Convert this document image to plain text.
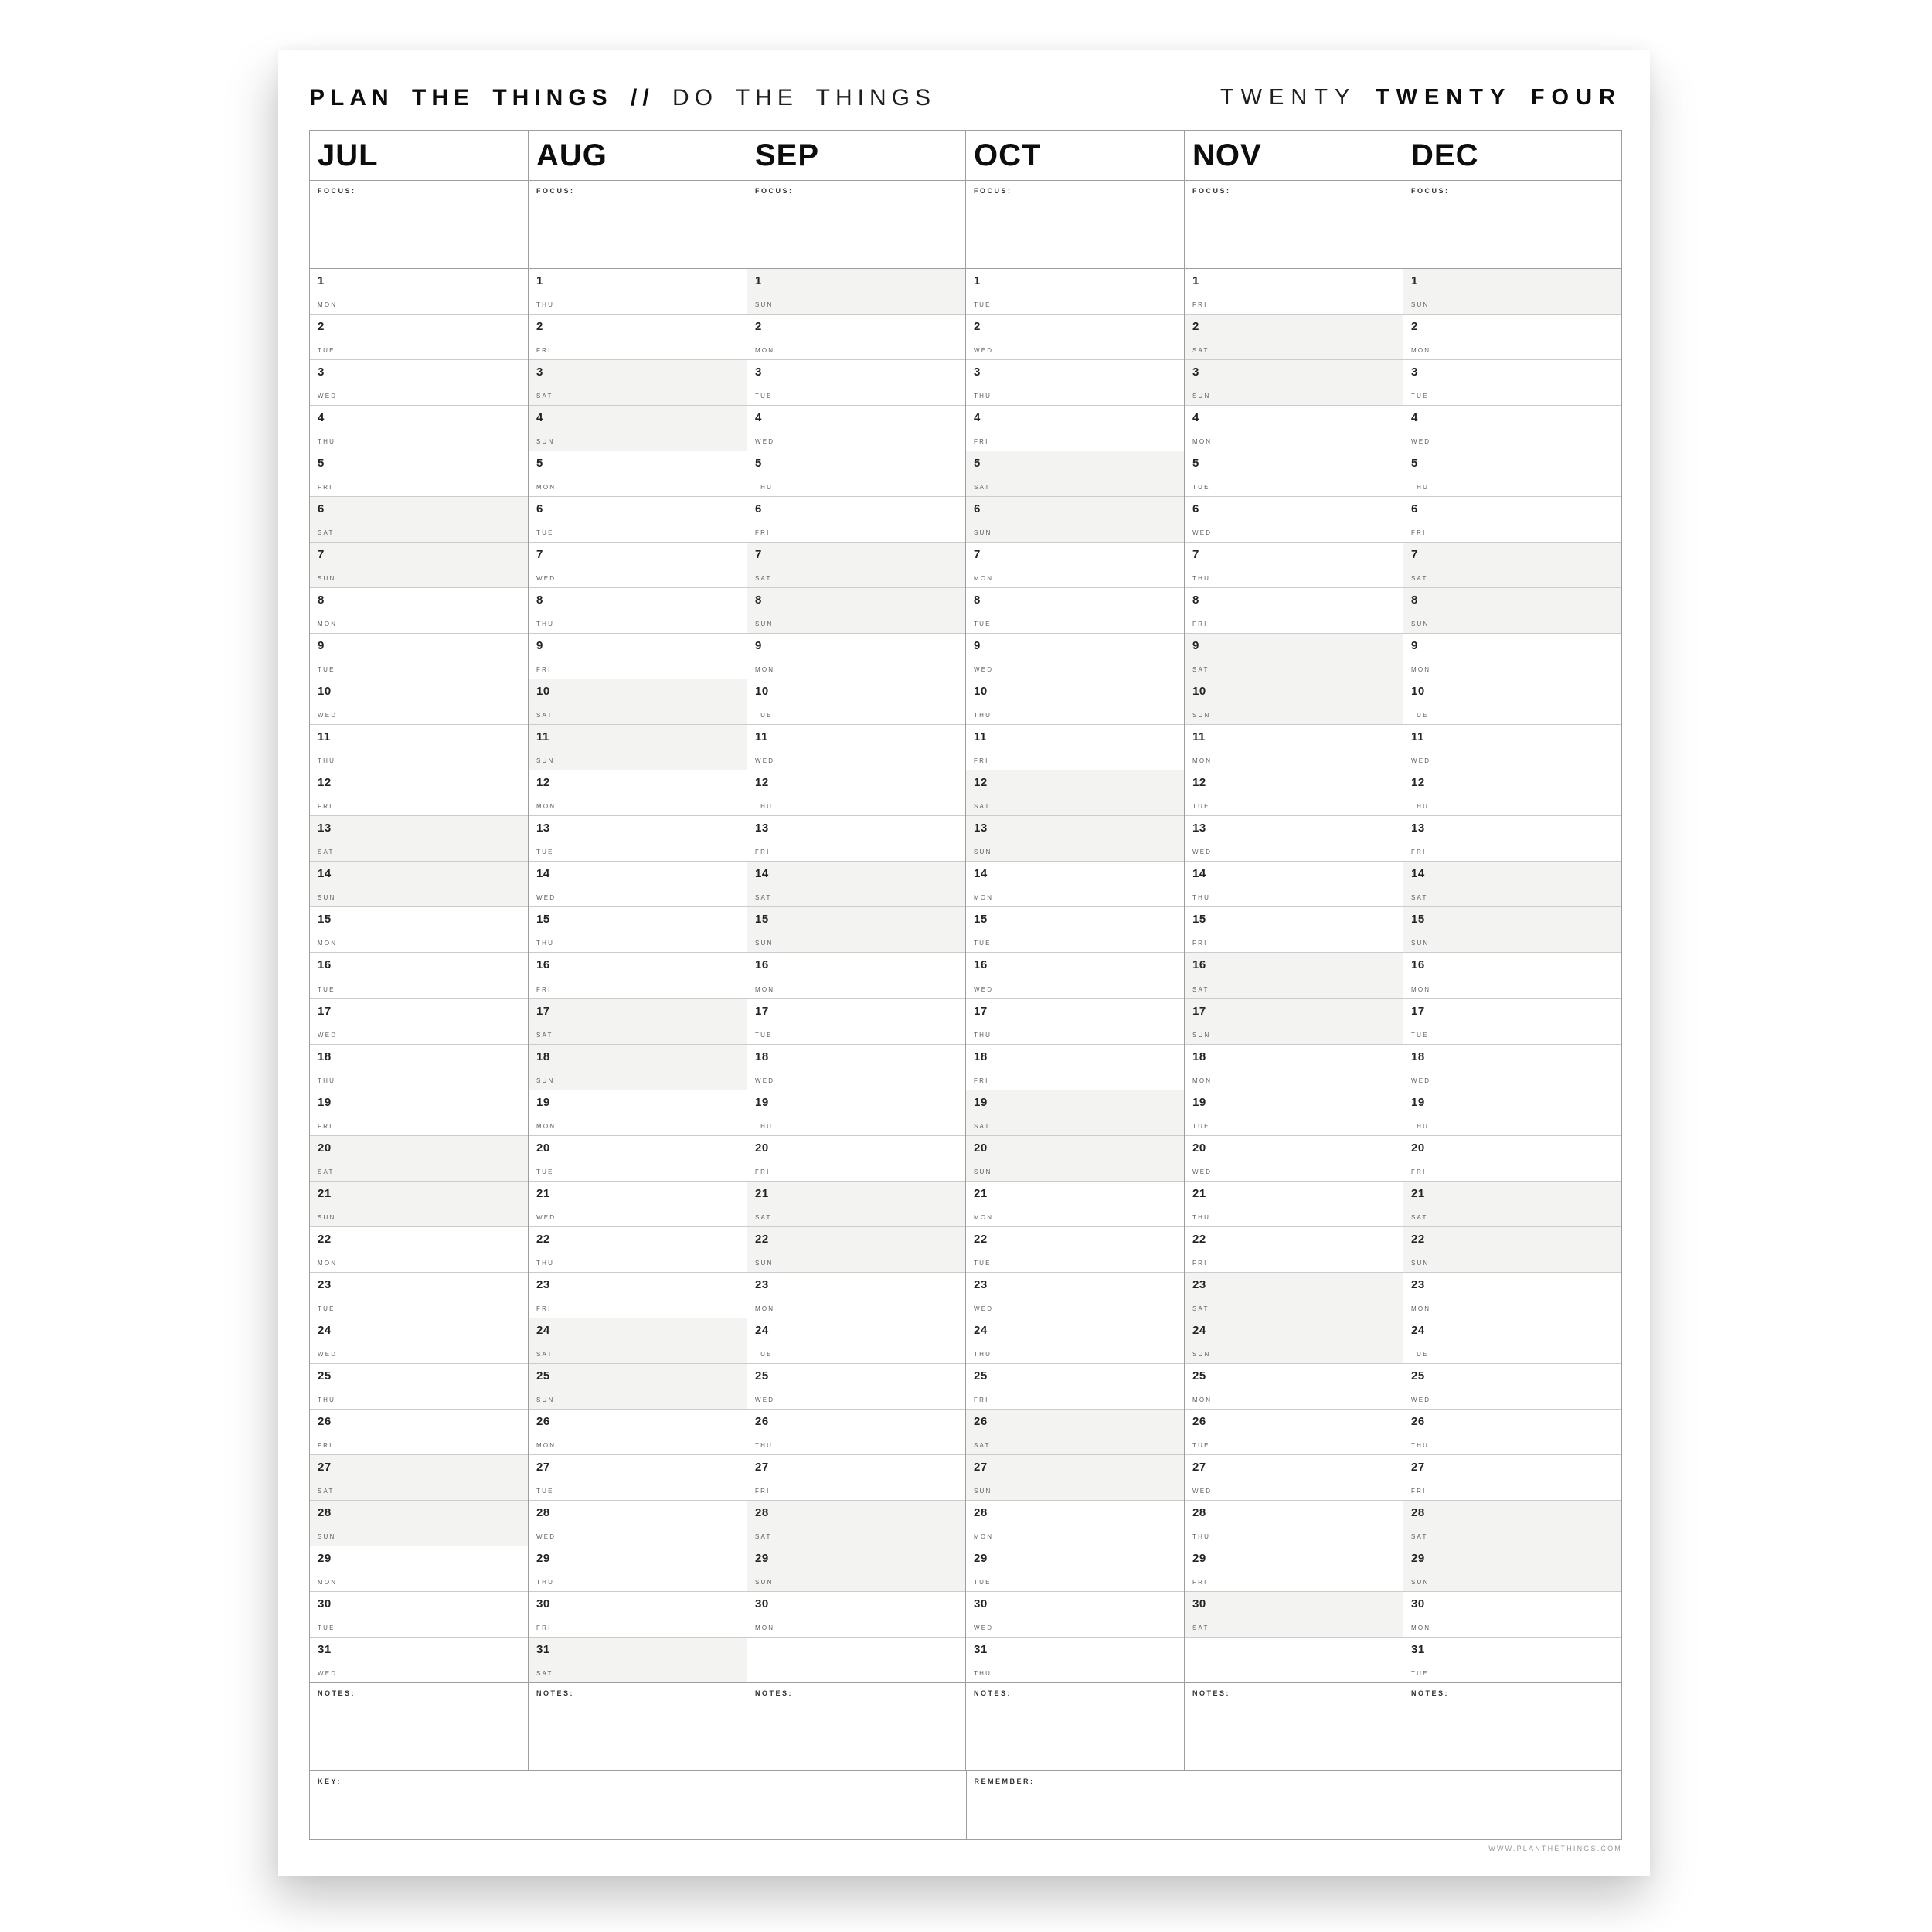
PLAN THE THINGS // DO THE THINGS	TWENTY TWENTY FOUR
JUL
FOCUS:
1
MON
2
TUE
3
WED
4
THU
5
FRI
6
SAT
7
SUN
8
MON
9
TUE
10
WED
11
THU
12
FRI
13
SAT
14
SUN
15
MON
16
TUE
17
WED
18
THU
19
FRI
20
SAT
21
SUN
22
MON
23
TUE
24
WED
25
THU
26
FRI
27
SAT
28
SUN
29
MON
30
TUE
31
WED
NOTES:
AUG
FOCUS:
1
THU
2
FRI
3
SAT
4
SUN
5
MON
6
TUE
7
WED
8
THU
9
FRI
10
SAT
11
SUN
12
MON
13
TUE
14
WED
15
THU
16
FRI
17
SAT
18
SUN
19
MON
20
TUE
21
WED
22
THU
23
FRI
24
SAT
25
SUN
26
MON
27
TUE
28
WED
29
THU
30
FRI
31
SAT
NOTES:
SEP
FOCUS:
1
SUN
2
MON
3
TUE
4
WED
5
THU
6
FRI
7
SAT
8
SUN
9
MON
10
TUE
11
WED
12
THU
13
FRI
14
SAT
15
SUN
16
MON
17
TUE
18
WED
19
THU
20
FRI
21
SAT
22
SUN
23
MON
24
TUE
25
WED
26
THU
27
FRI
28
SAT
29
SUN
30
MON
NOTES:
OCT
FOCUS:
1
TUE
2
WED
3
THU
4
FRI
5
SAT
6
SUN
7
MON
8
TUE
9
WED
10
THU
11
FRI
12
SAT
13
SUN
14
MON
15
TUE
16
WED
17
THU
18
FRI
19
SAT
20
SUN
21
MON
22
TUE
23
WED
24
THU
25
FRI
26
SAT
27
SUN
28
MON
29
TUE
30
WED
31
THU
NOTES:
NOV
FOCUS:
1
FRI
2
SAT
3
SUN
4
MON
5
TUE
6
WED
7
THU
8
FRI
9
SAT
10
SUN
11
MON
12
TUE
13
WED
14
THU
15
FRI
16
SAT
17
SUN
18
MON
19
TUE
20
WED
21
THU
22
FRI
23
SAT
24
SUN
25
MON
26
TUE
27
WED
28
THU
29
FRI
30
SAT
NOTES:
DEC
FOCUS:
1
SUN
2
MON
3
TUE
4
WED
5
THU
6
FRI
7
SAT
8
SUN
9
MON
10
TUE
11
WED
12
THU
13
FRI
14
SAT
15
SUN
16
MON
17
TUE
18
WED
19
THU
20
FRI
21
SAT
22
SUN
23
MON
24
TUE
25
WED
26
THU
27
FRI
28
SAT
29
SUN
30
MON
31
TUE
NOTES:
KEY:	REMEMBER:
WWW.PLANTHETHINGS.COM
